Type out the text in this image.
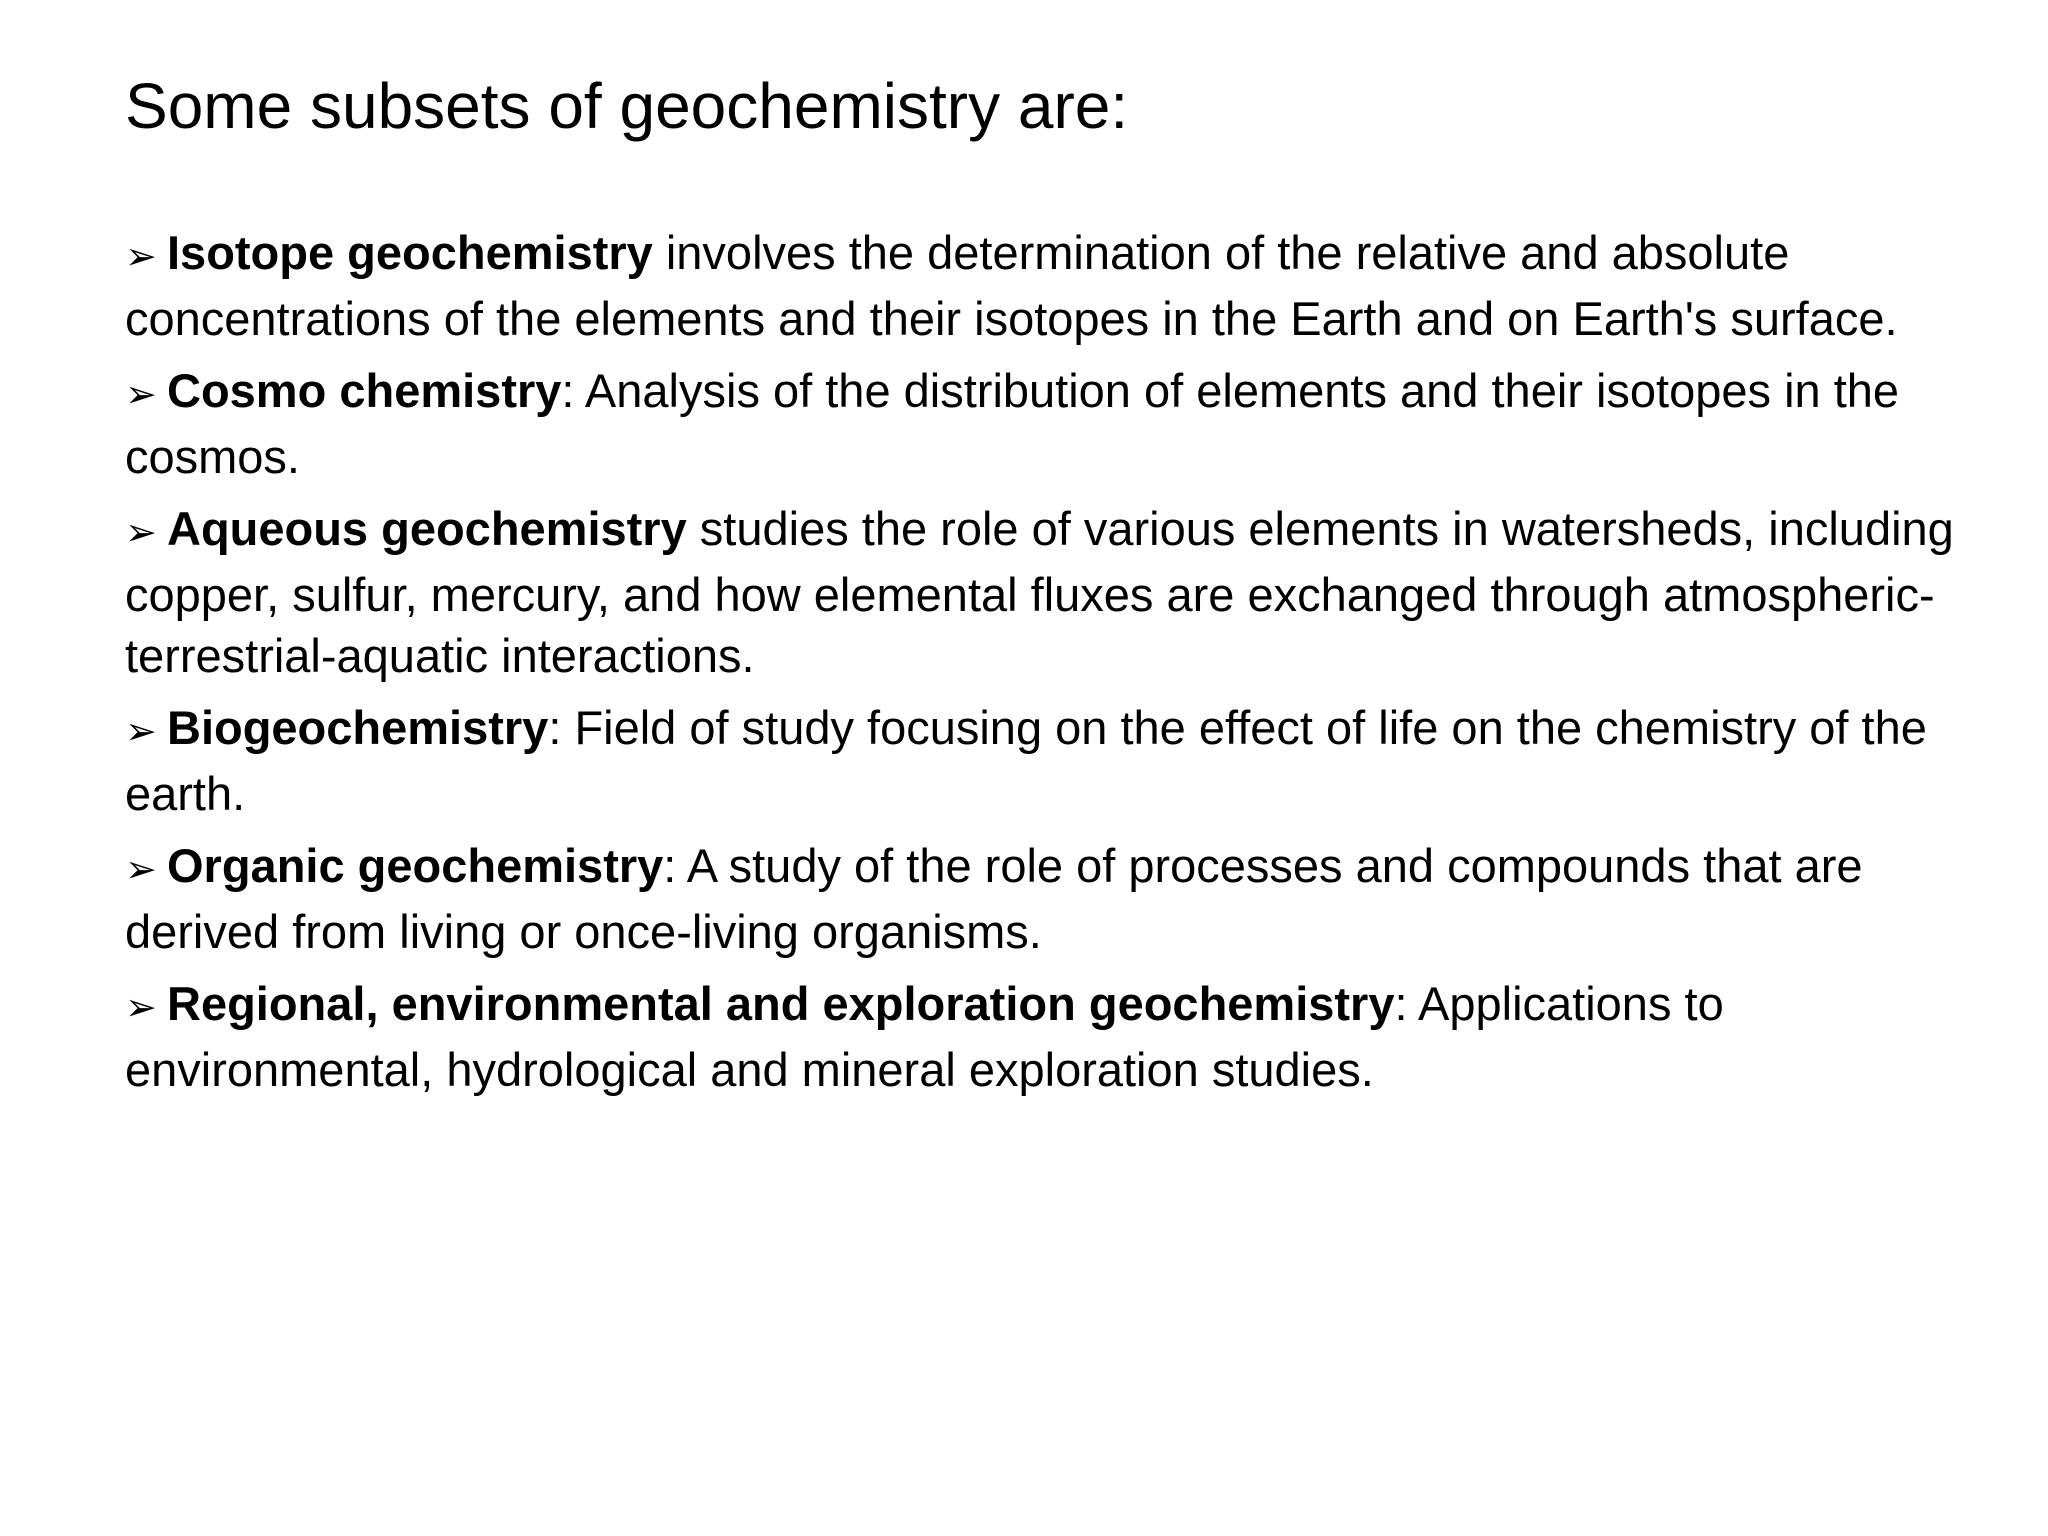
Some subsets of geochemistry are:
➢ Isotope geochemistry involves the determination of the relative and absolute concentrations of the elements and their isotopes in the Earth and on Earth's surface.
➢ Cosmo chemistry: Analysis of the distribution of elements and their isotopes in the cosmos.
➢ Aqueous geochemistry studies the role of various elements in watersheds, including copper, sulfur, mercury, and how elemental fluxes are exchanged through atmospheric-terrestrial-aquatic interactions.
➢ Biogeochemistry: Field of study focusing on the effect of life on the chemistry of the earth.
➢ Organic geochemistry: A study of the role of processes and compounds that are derived from living or once-living organisms.
➢ Regional, environmental and exploration geochemistry: Applications to environmental, hydrological and mineral exploration studies.
